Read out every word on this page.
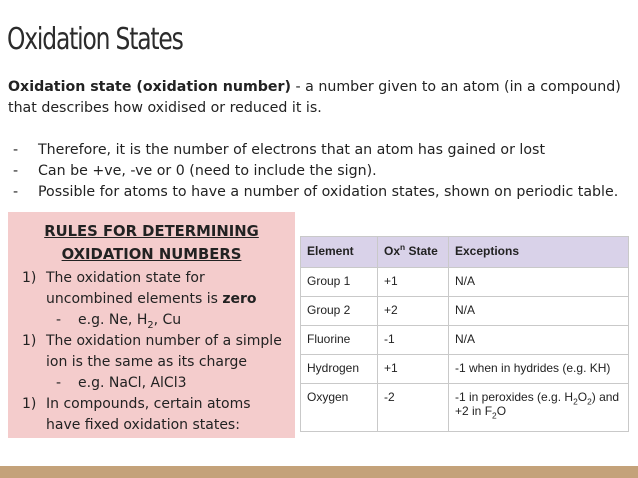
Oxidation States
Oxidation state (oxidation number) - a number given to an atom (in a compound) that describes how oxidised or reduced it is.
- Therefore, it is the number of electrons that an atom has gained or lost
- Can be +ve, -ve or 0 (need to include the sign).
- Possible for atoms to have a number of oxidation states, shown on periodic table.
RULES FOR DETERMINING OXIDATION NUMBERS
1) The oxidation state for uncombined elements is zero
- e.g. Ne, $H_2$, Cu
1) The oxidation number of a simple ion is the same as its charge
- e.g. NaCl, AlCl3
1) In compounds, certain atoms have fixed oxidation states:
Element	Ox$^n$ State	Exceptions
Group 1	+1	N/A
Group 2	+2	N/A
Fluorine	-1	N/A
Hydrogen	+1	-1 when in hydrides (e.g. KH)
Oxygen	-2	-1 in peroxides (e.g. $H_2O_2$) and +2 in $F_2O$
